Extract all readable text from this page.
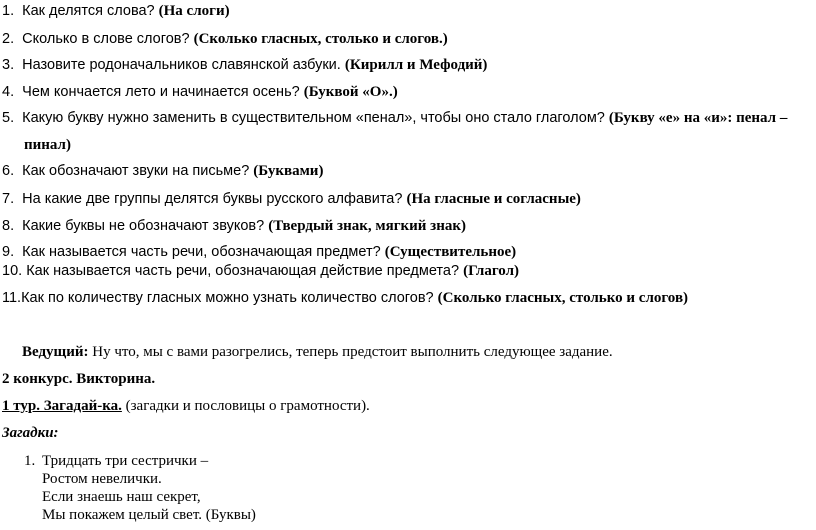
1. Как делятся слова? (На слоги)
2. Сколько в слове слогов? (Сколько гласных, столько и слогов.)
3. Назовите родоначальников славянской азбуки. (Кирилл и Мефодий)
4. Чем кончается лето и начинается осень? (Буквой «О».)
5. Какую букву нужно заменить в существительном «пенал», чтобы оно стало глаголом? (Букву «е» на «и»: пенал –
пинал)
6. Как обозначают звуки на письме? (Буквами)
7. На какие две группы делятся буквы русского алфавита? (На гласные и согласные)
8.  Какие буквы не обозначают звуков? (Твердый знак, мягкий знак)
9.  Как называется часть речи, обозначающая предмет? (Существительное)
10. Как называется часть речи, обозначающая действие предмета? (Глагол)
11.Как по количеству гласных можно узнать количество слогов? (Сколько гласных, столько и слогов)
Ведущий: Ну что, мы с вами разогрелись, теперь предстоит выполнить следующее задание.
2 конкурс. Викторина.
1 тур. Загадай-ка. (загадки и пословицы о грамотности).
Загадки:
1. Тридцать три сестрички –
Ростом невелички.
Если знаешь наш секрет,
Мы покажем целый свет. (Буквы)
